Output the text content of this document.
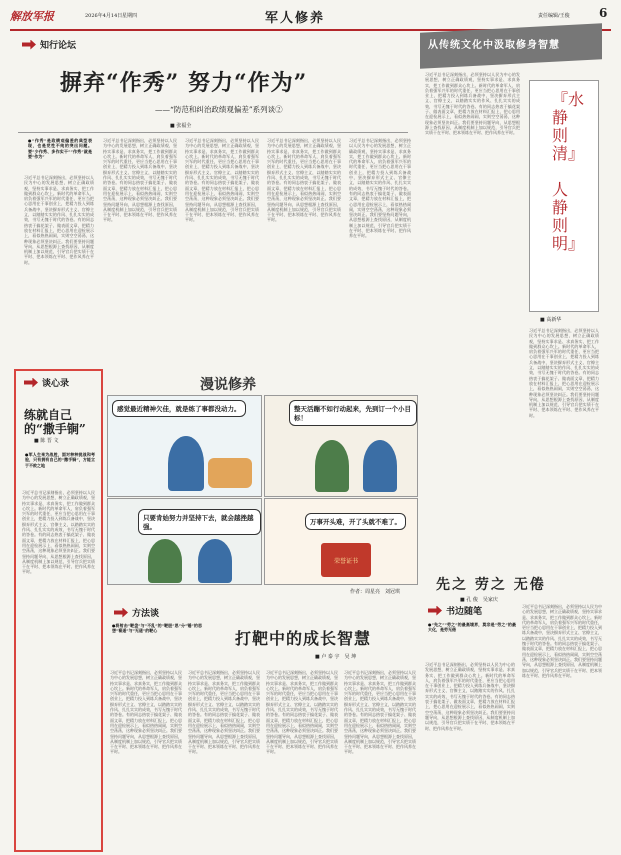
解放军报	2026年4月14日 星期四	军人修养	责任编辑/王俊 6
知行论坛
摒弃“作秀” 努力“作为”
——“防范和纠治政绩观偏差”系列谈②
■ 张福全
●“作秀”是政绩观偏差的典型表现，也是党性不纯的突出问题。要“少作秀、多作实干”“作秀”就是要“作为”
习近平总书记深刻指出，必须坚持以人民为中心的发展思想，树立正确政绩观，坚持实事求是、求真务实，把工作做到群众心坎上。新时代的革命军人，肩负着强军兴军的时代重任，更应当把心思用在干事创业上，把精力投入到练兵备战中，坚决摒弃形式主义、官僚主义，以踏踏实实的作风、扎扎实实的成效，书写无愧于时代的答卷。有的同志热衷于搞花架子、做表面文章，把精力放在材料汇报上，把心思用在迎检展示上，看似热热闹闹，实则空空荡荡，这种现象必须坚决纠正。我们要坚持问题导向，从思想根源上查找原因，从制度机制上加以规范，引导官兵把实绩干在平时、把本领练在平时、把作风养在平时。
习近平总书记深刻指出，必须坚持以人民为中心的发展思想，树立正确政绩观，坚持实事求是、求真务实，把工作做到群众心坎上。新时代的革命军人，肩负着强军兴军的时代重任，更应当把心思用在干事创业上，把精力投入到练兵备战中，坚决摒弃形式主义、官僚主义，以踏踏实实的作风、扎扎实实的成效，书写无愧于时代的答卷。有的同志热衷于搞花架子、做表面文章，把精力放在材料汇报上，把心思用在迎检展示上，看似热热闹闹，实则空空荡荡，这种现象必须坚决纠正。我们要坚持问题导向，从思想根源上查找原因，从制度机制上加以规范，引导官兵把实绩干在平时、把本领练在平时、把作风养在平时。
习近平总书记深刻指出，必须坚持以人民为中心的发展思想，树立正确政绩观，坚持实事求是、求真务实，把工作做到群众心坎上。新时代的革命军人，肩负着强军兴军的时代重任，更应当把心思用在干事创业上，把精力投入到练兵备战中，坚决摒弃形式主义、官僚主义，以踏踏实实的作风、扎扎实实的成效，书写无愧于时代的答卷。有的同志热衷于搞花架子、做表面文章，把精力放在材料汇报上，把心思用在迎检展示上，看似热热闹闹，实则空空荡荡，这种现象必须坚决纠正。我们要坚持问题导向，从思想根源上查找原因，从制度机制上加以规范，引导官兵把实绩干在平时、把本领练在平时、把作风养在平时。
习近平总书记深刻指出，必须坚持以人民为中心的发展思想，树立正确政绩观，坚持实事求是、求真务实，把工作做到群众心坎上。新时代的革命军人，肩负着强军兴军的时代重任，更应当把心思用在干事创业上，把精力投入到练兵备战中，坚决摒弃形式主义、官僚主义，以踏踏实实的作风、扎扎实实的成效，书写无愧于时代的答卷。有的同志热衷于搞花架子、做表面文章，把精力放在材料汇报上，把心思用在迎检展示上，看似热热闹闹，实则空空荡荡，这种现象必须坚决纠正。我们要坚持问题导向，从思想根源上查找原因，从制度机制上加以规范，引导官兵把实绩干在平时、把本领练在平时、把作风养在平时。
习近平总书记深刻指出，必须坚持以人民为中心的发展思想，树立正确政绩观，坚持实事求是、求真务实，把工作做到群众心坎上。新时代的革命军人，肩负着强军兴军的时代重任，更应当把心思用在干事创业上，把精力投入到练兵备战中，坚决摒弃形式主义、官僚主义，以踏踏实实的作风、扎扎实实的成效，书写无愧于时代的答卷。有的同志热衷于搞花架子、做表面文章，把精力放在材料汇报上，把心思用在迎检展示上，看似热热闹闹，实则空空荡荡，这种现象必须坚决纠正。我们要坚持问题导向，从思想根源上查找原因，从制度机制上加以规范，引导官兵把实绩干在平时、把本领练在平时、把作风养在平时。
从传统文化中汲取修身智慧
习近平总书记深刻指出，必须坚持以人民为中心的发展思想，树立正确政绩观，坚持实事求是、求真务实，把工作做到群众心坎上。新时代的革命军人，肩负着强军兴军的时代重任，更应当把心思用在干事创业上，把精力投入到练兵备战中，坚决摒弃形式主义、官僚主义，以踏踏实实的作风、扎扎实实的成效，书写无愧于时代的答卷。有的同志热衷于搞花架子、做表面文章，把精力放在材料汇报上，把心思用在迎检展示上，看似热热闹闹，实则空空荡荡，这种现象必须坚决纠正。我们要坚持问题导向，从思想根源上查找原因，从制度机制上加以规范，引导官兵把实绩干在平时、把本领练在平时、把作风养在平时。
『水静则清』
人静则明』
■ 高新华
习近平总书记深刻指出，必须坚持以人民为中心的发展思想，树立正确政绩观，坚持实事求是、求真务实，把工作做到群众心坎上。新时代的革命军人，肩负着强军兴军的时代重任，更应当把心思用在干事创业上，把精力投入到练兵备战中，坚决摒弃形式主义、官僚主义，以踏踏实实的作风、扎扎实实的成效，书写无愧于时代的答卷。有的同志热衷于搞花架子、做表面文章，把精力放在材料汇报上，把心思用在迎检展示上，看似热热闹闹，实则空空荡荡，这种现象必须坚决纠正。我们要坚持问题导向，从思想根源上查找原因，从制度机制上加以规范，引导官兵把实绩干在平时、把本领练在平时、把作风养在平时。
谈心录
练就自己的“撒手锏”
■ 陈 晋 文
●军人生来为战胜，面对种种挑战和考验，只有拥有自己的“撒手锏”，方能立于不败之地
习近平总书记深刻指出，必须坚持以人民为中心的发展思想，树立正确政绩观，坚持实事求是、求真务实，把工作做到群众心坎上。新时代的革命军人，肩负着强军兴军的时代重任，更应当把心思用在干事创业上，把精力投入到练兵备战中，坚决摒弃形式主义、官僚主义，以踏踏实实的作风、扎扎实实的成效，书写无愧于时代的答卷。有的同志热衷于搞花架子、做表面文章，把精力放在材料汇报上，把心思用在迎检展示上，看似热热闹闹，实则空空荡荡，这种现象必须坚决纠正。我们要坚持问题导向，从思想根源上查找原因，从制度机制上加以规范，引导官兵把实绩干在平时、把本领练在平时、把作风养在平时。
漫说修养
感觉最近精神欠佳，就是练了事都没动力。	整天活蹦不如行动起来，先到订一个小目标！
只要肯始努力并坚持下去，就会越挫越强。
万事开头难，开了头就不难了。
荣誉证书
作者：周星亮　刘冠琪
方法谈
打靶中的成长智慧
■ 卢 泰 宇　吴 坤
●将射击“靶盘”与“不乱”的“靶胆”思“分”锤“的思想“看道”与“无道”的靶心
习近平总书记深刻指出，必须坚持以人民为中心的发展思想，树立正确政绩观，坚持实事求是、求真务实，把工作做到群众心坎上。新时代的革命军人，肩负着强军兴军的时代重任，更应当把心思用在干事创业上，把精力投入到练兵备战中，坚决摒弃形式主义、官僚主义，以踏踏实实的作风、扎扎实实的成效，书写无愧于时代的答卷。有的同志热衷于搞花架子、做表面文章，把精力放在材料汇报上，把心思用在迎检展示上，看似热热闹闹，实则空空荡荡，这种现象必须坚决纠正。我们要坚持问题导向，从思想根源上查找原因，从制度机制上加以规范，引导官兵把实绩干在平时、把本领练在平时、把作风养在平时。
习近平总书记深刻指出，必须坚持以人民为中心的发展思想，树立正确政绩观，坚持实事求是、求真务实，把工作做到群众心坎上。新时代的革命军人，肩负着强军兴军的时代重任，更应当把心思用在干事创业上，把精力投入到练兵备战中，坚决摒弃形式主义、官僚主义，以踏踏实实的作风、扎扎实实的成效，书写无愧于时代的答卷。有的同志热衷于搞花架子、做表面文章，把精力放在材料汇报上，把心思用在迎检展示上，看似热热闹闹，实则空空荡荡，这种现象必须坚决纠正。我们要坚持问题导向，从思想根源上查找原因，从制度机制上加以规范，引导官兵把实绩干在平时、把本领练在平时、把作风养在平时。
习近平总书记深刻指出，必须坚持以人民为中心的发展思想，树立正确政绩观，坚持实事求是、求真务实，把工作做到群众心坎上。新时代的革命军人，肩负着强军兴军的时代重任，更应当把心思用在干事创业上，把精力投入到练兵备战中，坚决摒弃形式主义、官僚主义，以踏踏实实的作风、扎扎实实的成效，书写无愧于时代的答卷。有的同志热衷于搞花架子、做表面文章，把精力放在材料汇报上，把心思用在迎检展示上，看似热热闹闹，实则空空荡荡，这种现象必须坚决纠正。我们要坚持问题导向，从思想根源上查找原因，从制度机制上加以规范，引导官兵把实绩干在平时、把本领练在平时、把作风养在平时。
习近平总书记深刻指出，必须坚持以人民为中心的发展思想，树立正确政绩观，坚持实事求是、求真务实，把工作做到群众心坎上。新时代的革命军人，肩负着强军兴军的时代重任，更应当把心思用在干事创业上，把精力投入到练兵备战中，坚决摒弃形式主义、官僚主义，以踏踏实实的作风、扎扎实实的成效，书写无愧于时代的答卷。有的同志热衷于搞花架子、做表面文章，把精力放在材料汇报上，把心思用在迎检展示上，看似热热闹闹，实则空空荡荡，这种现象必须坚决纠正。我们要坚持问题导向，从思想根源上查找原因，从制度机制上加以规范，引导官兵把实绩干在平时、把本领练在平时、把作风养在平时。
先之 劳之 无倦
■ 孔 俊　吴家庆
书边随笔
●“先之”“劳之”的最高境界，莫非是“劳之”的最大化，是劳无倦
习近平总书记深刻指出，必须坚持以人民为中心的发展思想，树立正确政绩观，坚持实事求是、求真务实，把工作做到群众心坎上。新时代的革命军人，肩负着强军兴军的时代重任，更应当把心思用在干事创业上，把精力投入到练兵备战中，坚决摒弃形式主义、官僚主义，以踏踏实实的作风、扎扎实实的成效，书写无愧于时代的答卷。有的同志热衷于搞花架子、做表面文章，把精力放在材料汇报上，把心思用在迎检展示上，看似热热闹闹，实则空空荡荡，这种现象必须坚决纠正。我们要坚持问题导向，从思想根源上查找原因，从制度机制上加以规范，引导官兵把实绩干在平时、把本领练在平时、把作风养在平时。
习近平总书记深刻指出，必须坚持以人民为中心的发展思想，树立正确政绩观，坚持实事求是、求真务实，把工作做到群众心坎上。新时代的革命军人，肩负着强军兴军的时代重任，更应当把心思用在干事创业上，把精力投入到练兵备战中，坚决摒弃形式主义、官僚主义，以踏踏实实的作风、扎扎实实的成效，书写无愧于时代的答卷。有的同志热衷于搞花架子、做表面文章，把精力放在材料汇报上，把心思用在迎检展示上，看似热热闹闹，实则空空荡荡，这种现象必须坚决纠正。我们要坚持问题导向，从思想根源上查找原因，从制度机制上加以规范，引导官兵把实绩干在平时、把本领练在平时、把作风养在平时。
